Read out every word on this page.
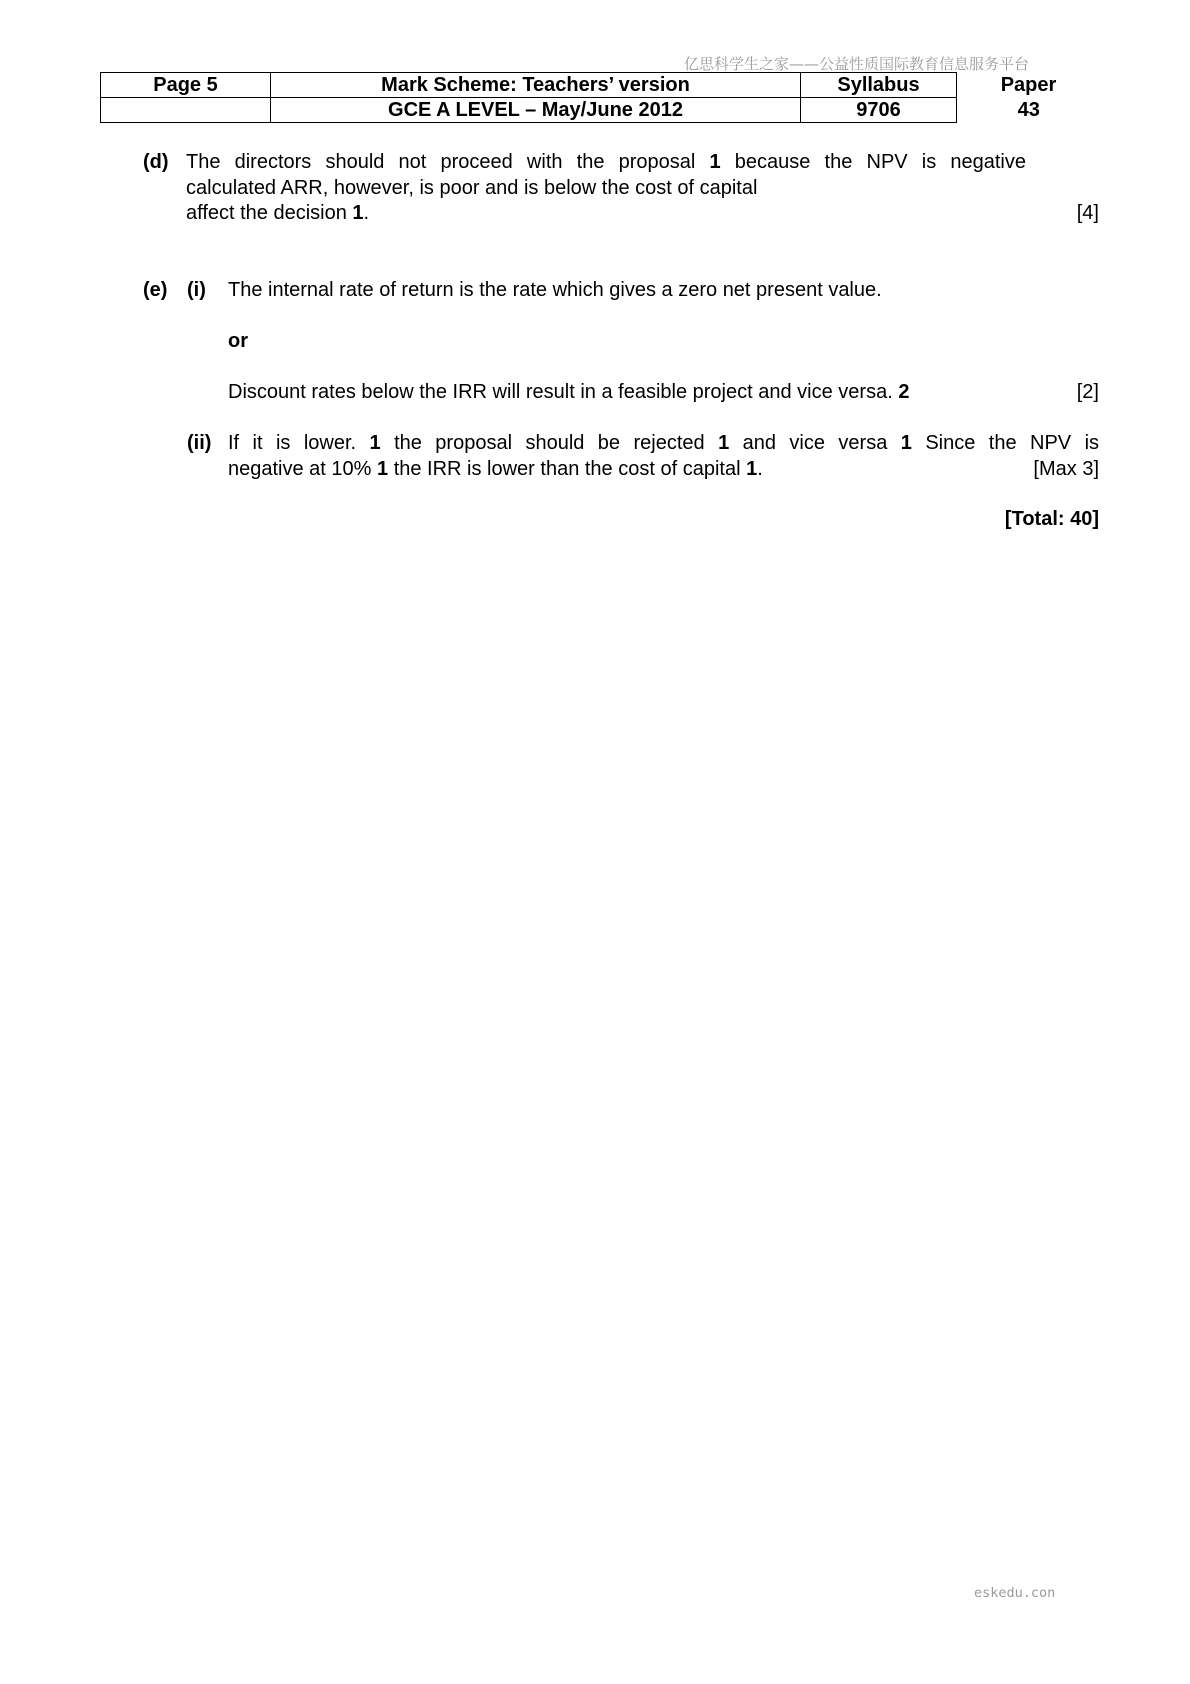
亿思科学生之家——公益性质国际教育信息服务平台
Page 5	Mark Scheme: Teachers’ version	Syllabus	Paper
	GCE A LEVEL – May/June 2012	9706	43
(d) The directors should not proceed with the proposal 1 because the NPV is negative
calculated ARR, however, is poor and is below the cost of capital
affect the decision 1.	[4]
(e) (i) The internal rate of return is the rate which gives a zero net present value.
or
Discount rates below the IRR will result in a feasible project and vice versa. 2	[2]
(ii) If it is lower. 1 the proposal should be rejected 1 and vice versa 1 Since the NPV is
negative at 10% 1 the IRR is lower than the cost of capital 1.	[Max 3]
[Total: 40]
eskedu.con
